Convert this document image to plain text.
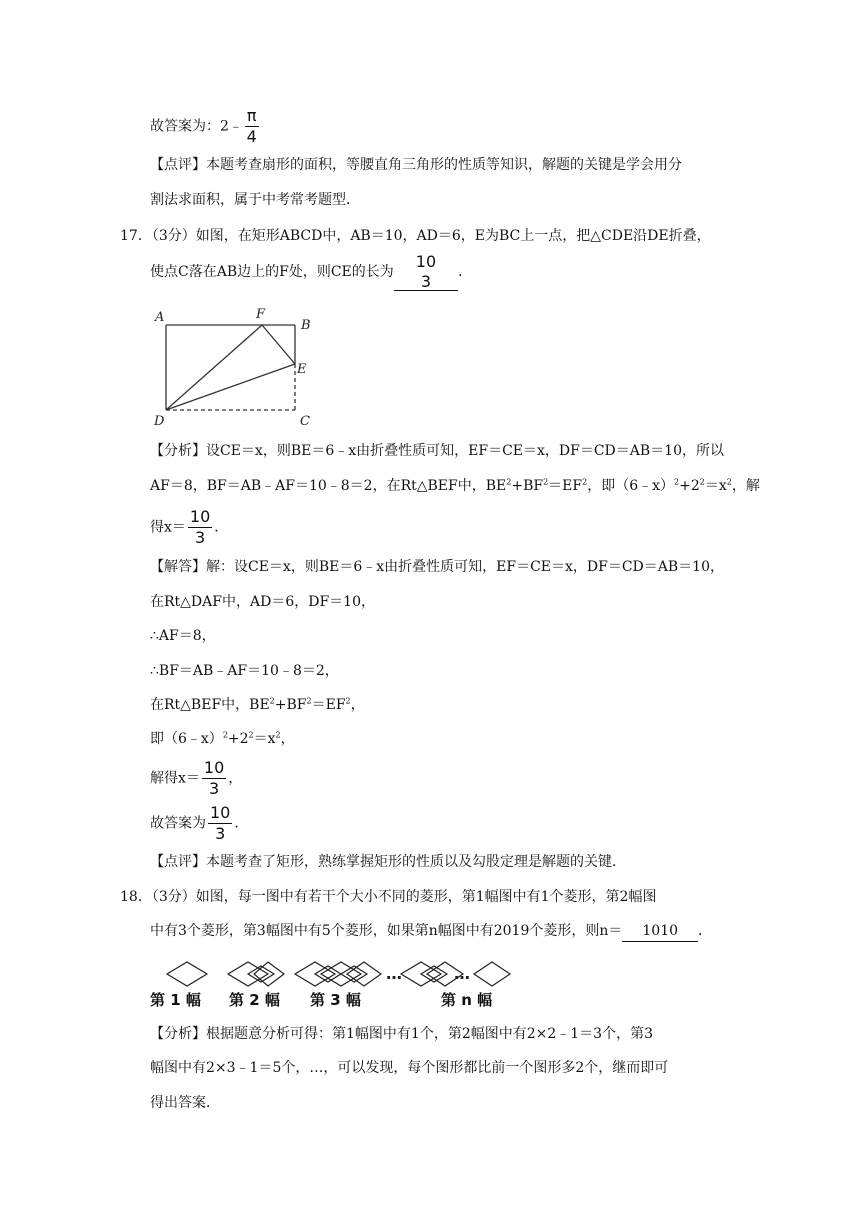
故答案为：2﹣ $\frac{\pi}{4}$
【点评】本题考查扇形的面积，等腰直角三角形的性质等知识，解题的关键是学会用分
割法求面积，属于中考常考题型．
17．（3分）如图，在矩形ABCD中，AB＝10，AD＝6，E为BC上一点，把△CDE沿DE折叠，
使点C落在AB边上的F处，则CE的长为
10
3	．
A	F
B
E
D	C
【分析】设CE＝x，则BE＝6﹣x由折叠性质可知，EF＝CE＝x，DF＝CD＝AB＝10，所以
AF＝8，BF＝AB﹣AF＝10﹣8＝2，在Rt△BEF中，$BE^2+BF^2=EF^2$，即$(6﹣x)^2+2^2=x^2$，解
得$x= \frac{10}{3}$ ．
【解答】解：设CE＝x，则BE＝6﹣x由折叠性质可知，EF＝CE＝x，DF＝CD＝AB＝10，
在Rt△DAF中，AD＝6，DF＝10，
∴AF＝8，
∴BF＝AB﹣AF＝10﹣8＝2，
在Rt△BEF中，$BE^2+BF^2=EF^2$，
即$(6﹣x)^2+2^2=x^2$，
解得$x= \frac{10}{3}$ ，
故答案为 $\frac{10}{3}$ ．
【点评】本题考查了矩形，熟练掌握矩形的性质以及勾股定理是解题的关键．
18．（3分）如图，每一图中有若干个大小不同的菱形，第1幅图中有1个菱形，第2幅图
中有3个菱形，第3幅图中有5个菱形，如果第n幅图中有2019个菱形，则n＝ 1010 ．
…	…
第 1 幅 第 2 幅 第 3 幅	第 n 幅
【分析】根据题意分析可得：第1幅图中有1个，第2幅图中有2×2﹣1＝3个，第3
幅图中有2×3﹣1＝5个，…，可以发现，每个图形都比前一个图形多2个，继而即可
得出答案．
